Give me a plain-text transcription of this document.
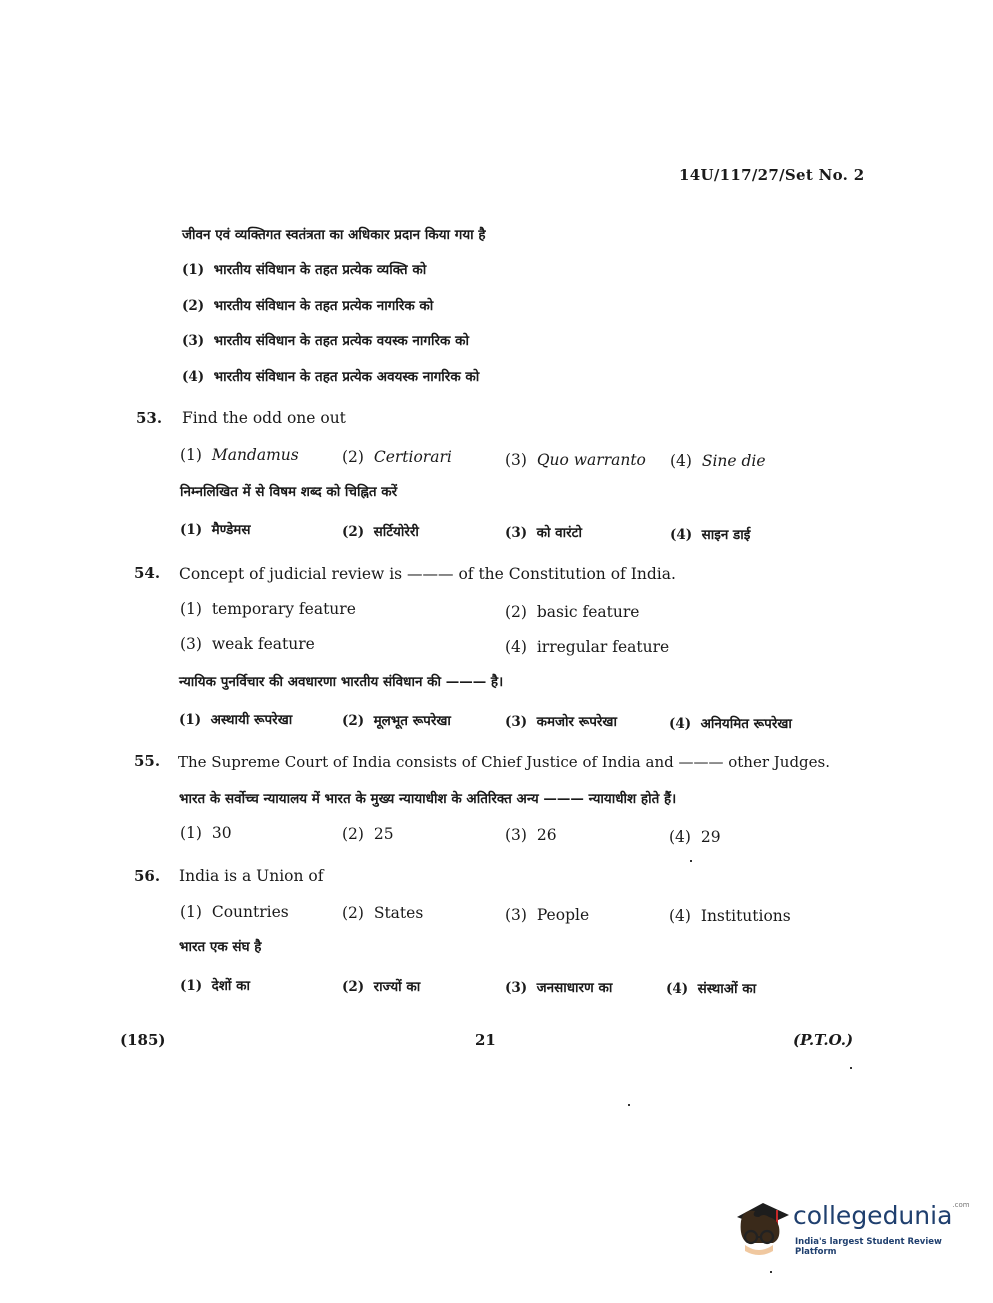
14U/117/27/Set No. 2
जीवन एवं व्यक्तिगत स्वतंत्रता का अधिकार प्रदान किया गया है
(1) भारतीय संविधान के तहत प्रत्येक व्यक्ति को
(2) भारतीय संविधान के तहत प्रत्येक नागरिक को
(3) भारतीय संविधान के तहत प्रत्येक वयस्क नागरिक को
(4) भारतीय संविधान के तहत प्रत्येक अवयस्क नागरिक को
53. Find the odd one out
(1) Mandamus	(2) Certiorari	(3) Quo warranto (4) Sine die
निम्नलिखित में से विषम शब्द को चिह्नित करें
(1) मैण्डेमस	(2) सर्टियोरेरी	(3) को वारंटो	(4) साइन डाई
54. Concept of judicial review is ——— of the Constitution of India.
(1) temporary feature	(2) basic feature
(3) weak feature	(4) irregular feature
न्यायिक पुनर्विचार की अवधारणा भारतीय संविधान की ——— है।
(1) अस्थायी रूपरेखा	(2) मूलभूत रूपरेखा	(3) कमजोर रूपरेखा	(4) अनियमित रूपरेखा
55. The Supreme Court of India consists of Chief Justice of India and ——— other Judges.
भारत के सर्वोच्च न्यायालय में भारत के मुख्य न्यायाधीश के अतिरिक्त अन्य ——— न्यायाधीश होते हैं।
(1) 30	(2) 25	(3) 26	(4) 29
56. India is a Union of
(1) Countries	(2) States	(3) People	(4) Institutions
भारत एक संघ है
(1) देशों का	(2) राज्यों का	(3) जनसाधारण का	(4) संस्थाओं का
(185)	21	(P.T.O.)
collegedunia$^{.com}$
India's largest Student Review Platform
